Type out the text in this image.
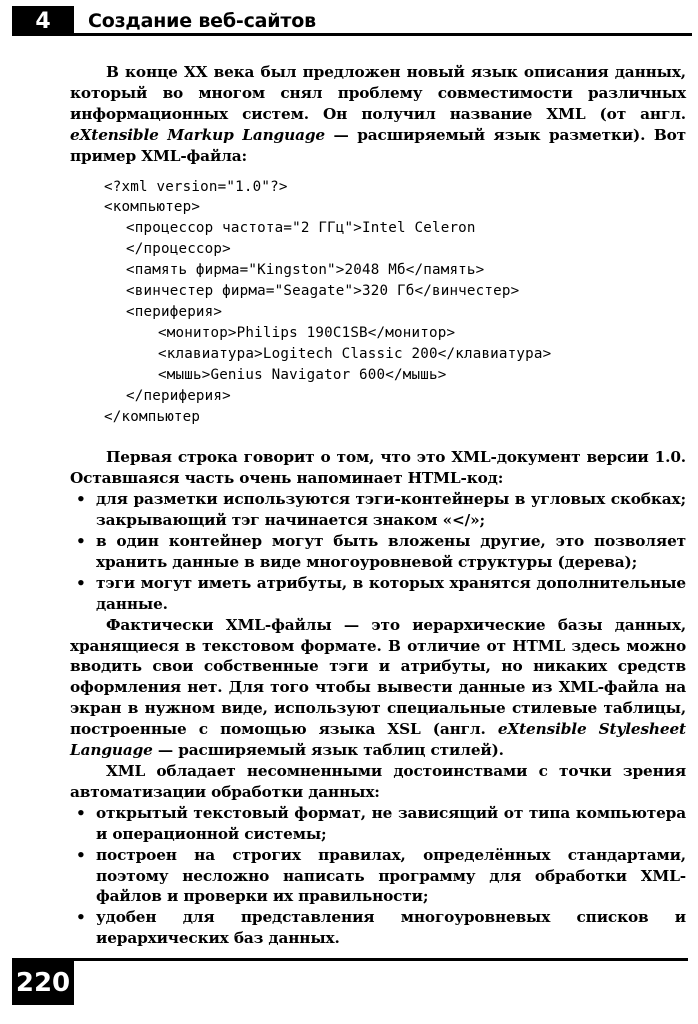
4	Создание веб-сайтов

В конце XX века был предложен новый язык описания данных, который во многом снял проблему совместимости различных информационных систем. Он получил название XML (от англ. eXtensible Markup Language — расширяемый язык разметки). Вот пример XML-файла:

<?xml version="1.0"?>
<компьютер>
<процессор частота="2 ГГц">Intel Celeron
</процессор>
<память фирма="Kingston">2048 Мб</память>
<винчестер фирма="Seagate">320 Гб</винчестер>
<периферия>
<монитор>Philips 190C1SB</монитор>
<клавиатура>Logitech Classic 200</клавиатура>
<мышь>Genius Navigator 600</мышь>
</периферия>
</компьютер

Первая строка говорит о том, что это XML-документ версии 1.0. Оставшаяся часть очень напоминает HTML-код:

• для разметки используются тэги-контейнеры в угловых скобках; закрывающий тэг начинается знаком «</»;
• в один контейнер могут быть вложены другие, это позволяет хранить данные в виде многоуровневой структуры (дерева);
• тэги могут иметь атрибуты, в которых хранятся дополнительные данные.

Фактически XML-файлы — это иерархические базы данных, хранящиеся в текстовом формате. В отличие от HTML здесь можно вводить свои собственные тэги и атрибуты, но никаких средств оформления нет. Для того чтобы вывести данные из XML-файла на экран в нужном виде, используют специальные стилевые таблицы, построенные с помощью языка XSL (англ. eXtensible Stylesheet Language — расширяемый язык таблиц стилей).

XML обладает несомненными достоинствами с точки зрения автоматизации обработки данных:

• открытый текстовый формат, не зависящий от типа компьютера и операционной системы;
• построен на строгих правилах, определённых стандартами, поэтому несложно написать программу для обработки XML-файлов и проверки их правильности;
• удобен для представления многоуровневых списков и иерархических баз данных.
220
